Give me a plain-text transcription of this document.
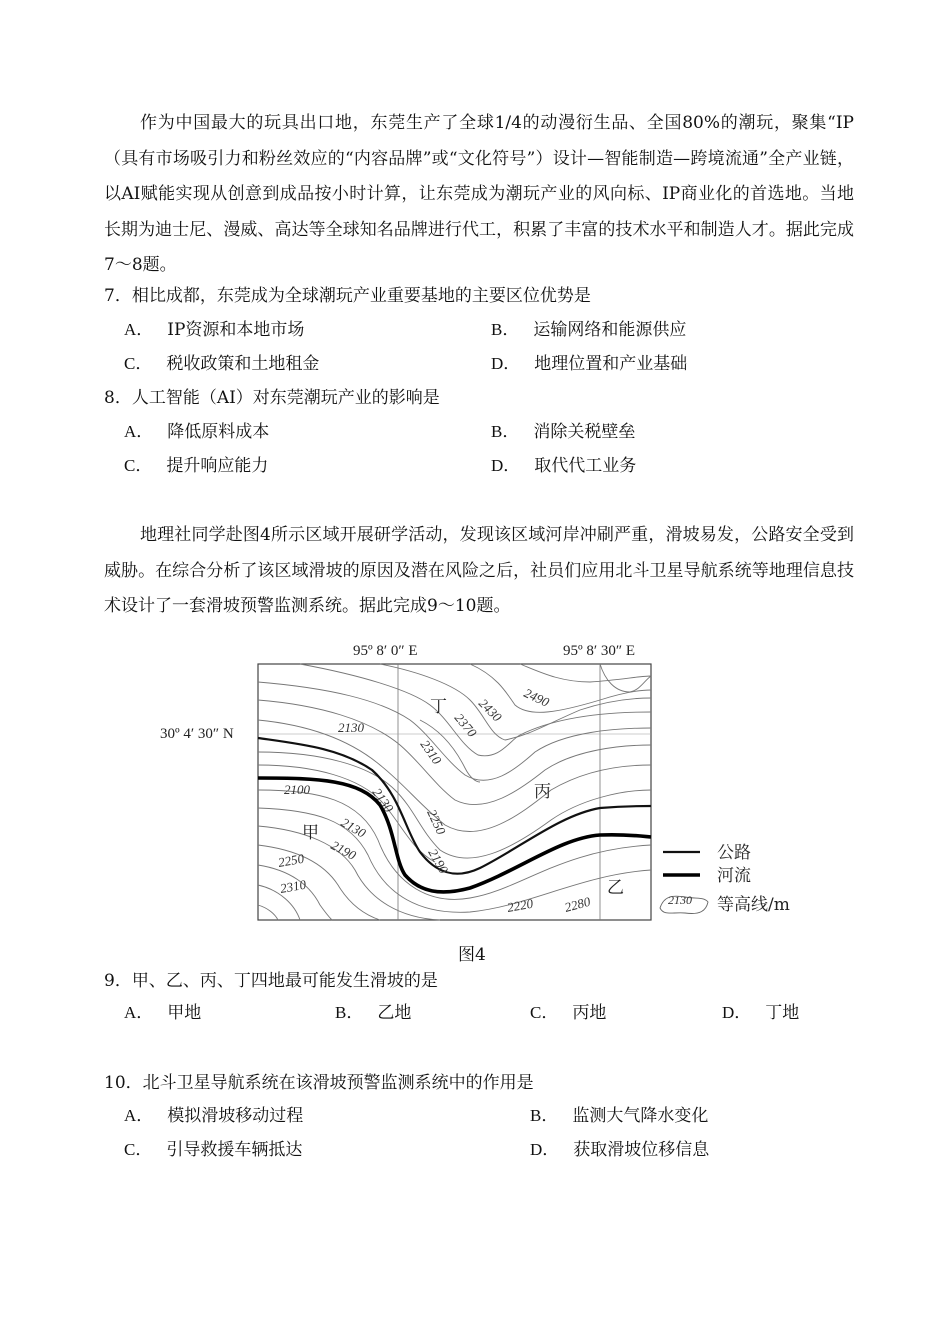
作为中国最大的玩具出口地，东莞生产了全球1/4的动漫衍生品、全国80%的潮玩，聚集“IP（具有市场吸引力和粉丝效应的“内容品牌”或“文化符号”）设计—智能制造—跨境流通”全产业链，以AI赋能实现从创意到成品按小时计算，让东莞成为潮玩产业的风向标、IP商业化的首选地。当地长期为迪士尼、漫威、高达等全球知名品牌进行代工，积累了丰富的技术水平和制造人才。据此完成7～8题。
7．相比成都，东莞成为全球潮玩产业重要基地的主要区位优势是
A． IP资源和本地市场	B． 运输网络和能源供应
C． 税收政策和土地租金	D． 地理位置和产业基础
8．人工智能（AI）对东莞潮玩产业的影响是
A． 降低原料成本	B． 消除关税壁垒
C． 提升响应能力	D． 取代代工业务
地理社同学赴图4所示区域开展研学活动，发现该区域河岸冲刷严重，滑坡易发，公路安全受到威胁。在综合分析了该区域滑坡的原因及潜在风险之后，社员们应用北斗卫星导航系统等地理信息技术设计了一套滑坡预警监测系统。据此完成9～10题。
95º 8′ 0″ E	95º 8′ 30″ E
30º 4′ 30″ N
2100	2130
2130
2190
2250
2310
2130
2250
2190
2310
2370
2430 2490
2220 2280
甲
乙
丙
丁
公路
河流
2130 等高线/m
图4
9．甲、乙、丙、丁四地最可能发生滑坡的是
A． 甲地	B． 乙地	C． 丙地	D． 丁地
10．北斗卫星导航系统在该滑坡预警监测系统中的作用是
A． 模拟滑坡移动过程	B． 监测大气降水变化
C． 引导救援车辆抵达	D． 获取滑坡位移信息
